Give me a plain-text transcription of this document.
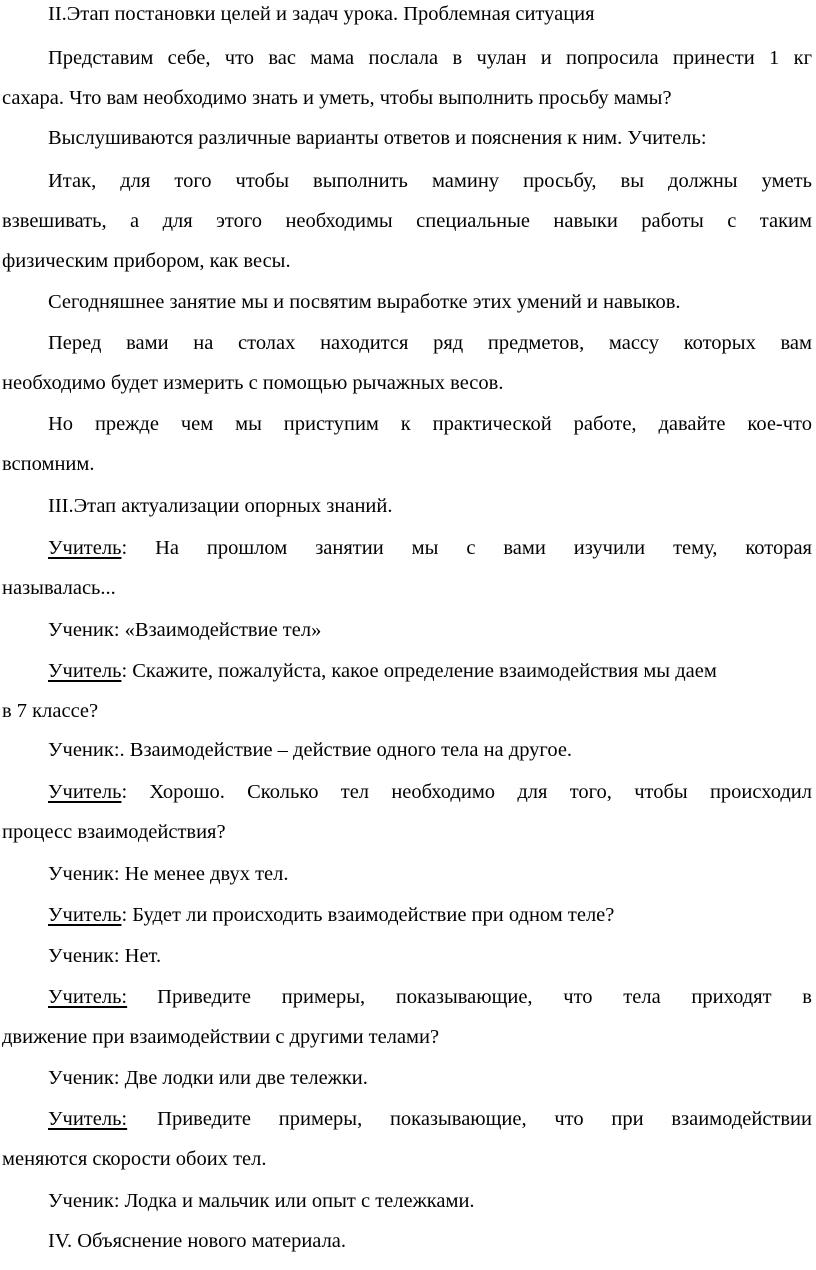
II.Этап постановки целей и задач урока. Проблемная ситуация
Представим себе, что вас мама послала в чулан и попросила принести 1 кг
сахара. Что вам необходимо знать и уметь, чтобы выполнить просьбу мамы?
Выслушиваются различные варианты ответов и пояснения к ним. Учитель:
Итак, для того чтобы выполнить мамину просьбу, вы должны уметь
взвешивать, а для этого необходимы специальные навыки работы с таким
физическим прибором, как весы.
Сегодняшнее занятие мы и посвятим выработке этих умений и навыков.
Перед вами на столах находится ряд предметов, массу которых вам
необходимо будет измерить с помощью рычажных весов.
Но прежде чем мы приступим к практической работе, давайте кое-что
вспомним.
III.Этап актуализации опорных знаний.
Учитель: На прошлом занятии мы с вами изучили тему, которая
называлась...
Ученик: «Взаимодействие тел»
Учитель: Скажите, пожалуйста, какое определение взаимодействия мы даем
в 7 классе?
Ученик:. Взаимодействие – действие одного тела на другое.
Учитель: Хорошо. Сколько тел необходимо для того, чтобы происходил
процесс взаимодействия?
Ученик: Не менее двух тел.
Учитель: Будет ли происходить взаимодействие при одном теле?
Ученик: Нет.
Учитель: Приведите примеры, показывающие, что тела приходят в
движение при взаимодействии с другими телами?
Ученик: Две лодки или две тележки.
Учитель: Приведите примеры, показывающие, что при взаимодействии
меняются скорости обоих тел.
Ученик: Лодка и мальчик или опыт с тележками.
IV. Объяснение нового материала.
